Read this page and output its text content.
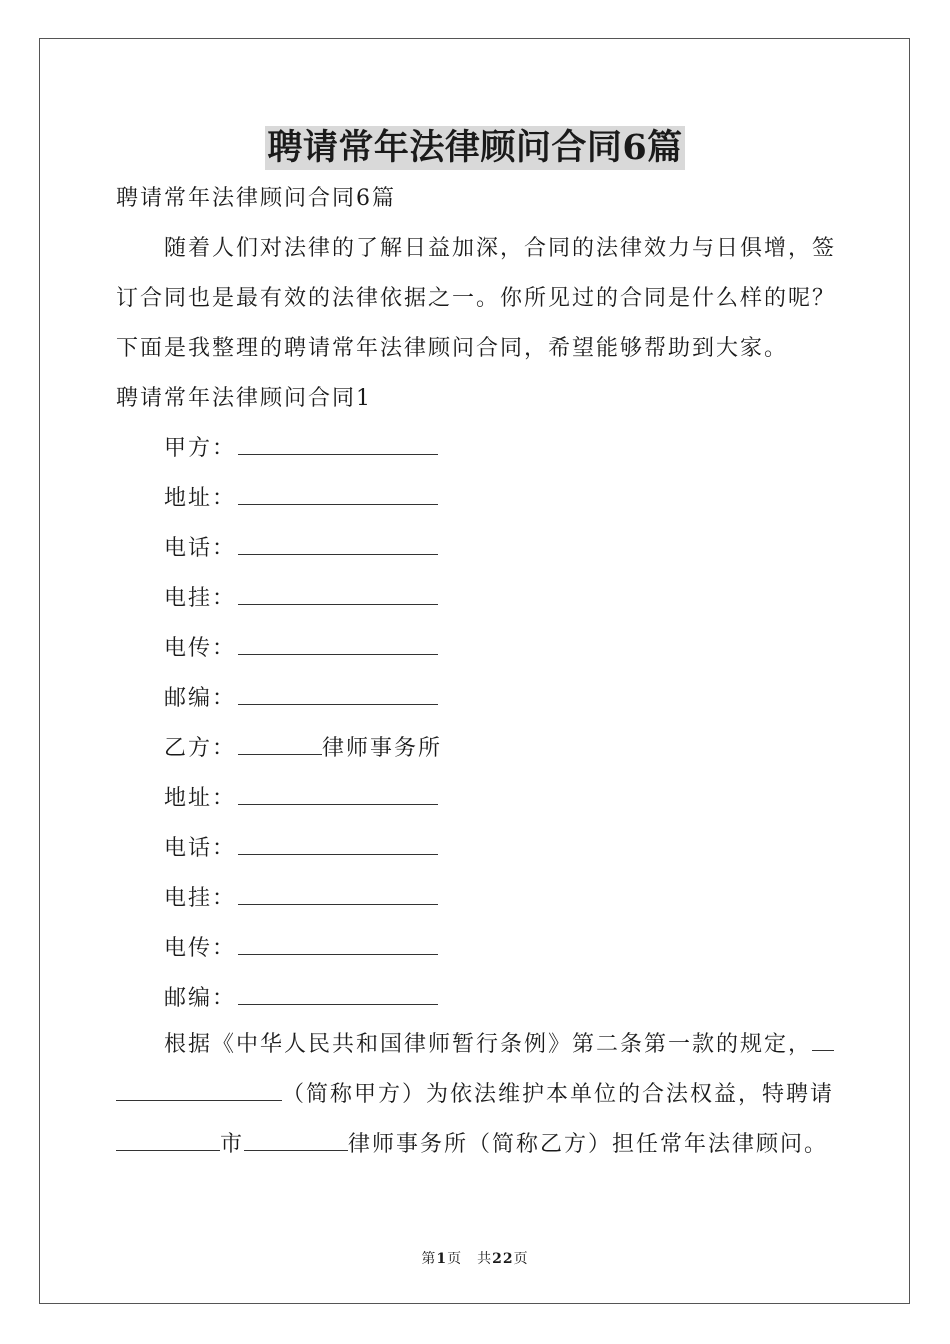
聘请常年法律顾问合同6篇
聘请常年法律顾问合同6篇
随着人们对法律的了解日益加深，合同的法律效力与日俱增，签订合同也是最有效的法律依据之一。你所见过的合同是什么样的呢？下面是我整理的聘请常年法律顾问合同，希望能够帮助到大家。
聘请常年法律顾问合同1
甲方：
地址：
电话：
电挂：
电传：
邮编：
乙方：	律师事务所
地址：
电话：
电挂：
电传：
邮编：
根据《中华人民共和国律师暂行条例》第二条第一款的规定，
（简称甲方）为依法维护本单位的合法权益，特聘请
市	律师事务所（简称乙方）担任常年法律顾问。
第1页　共22页
